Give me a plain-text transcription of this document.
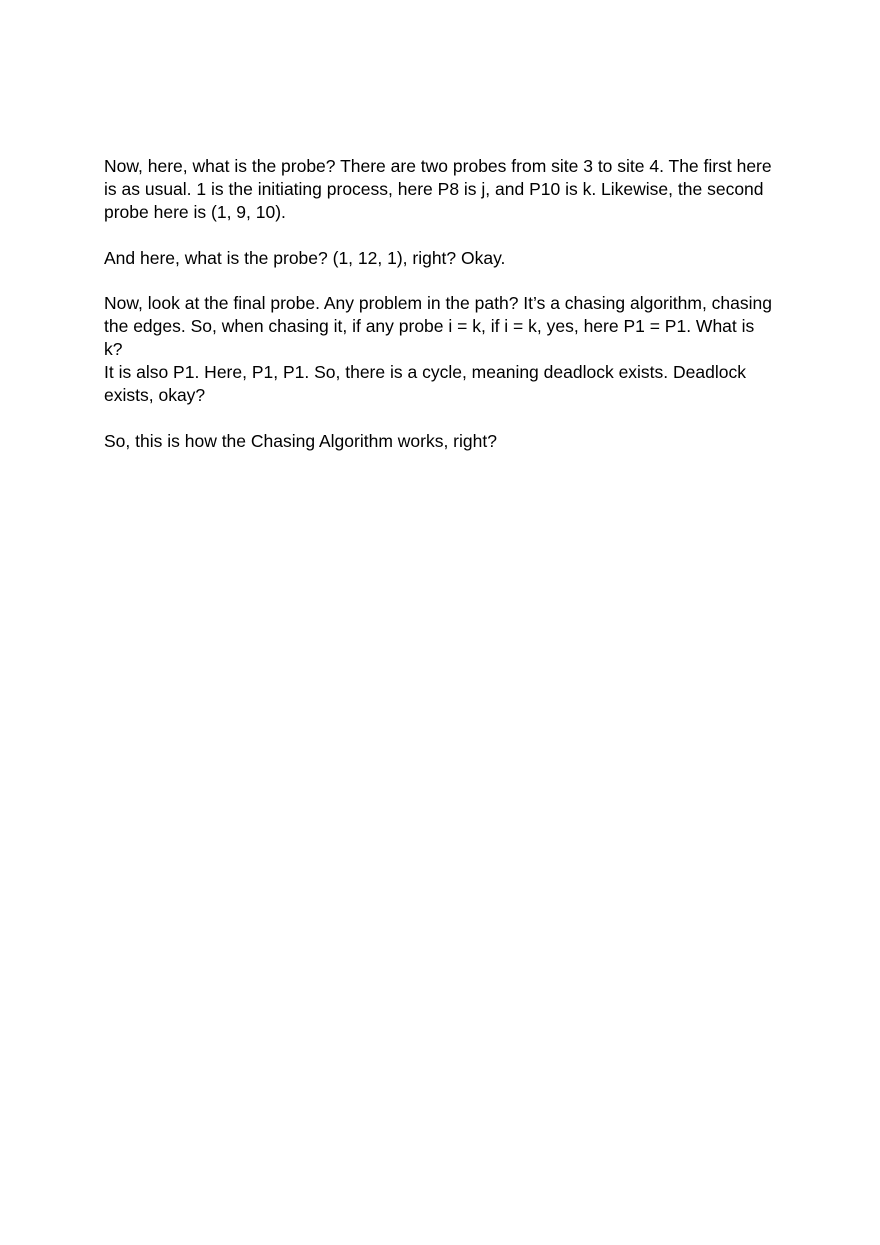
Now, here, what is the probe? There are two probes from site 3 to site 4. The first here
is as usual. 1 is the initiating process, here P8 is j, and P10 is k. Likewise, the second
probe here is (1, 9, 10).

And here, what is the probe? (1, 12, 1), right? Okay.

Now, look at the final probe. Any problem in the path? It’s a chasing algorithm, chasing
the edges. So, when chasing it, if any probe i = k, if i = k, yes, here P1 = P1. What is k?
It is also P1. Here, P1, P1. So, there is a cycle, meaning deadlock exists. Deadlock
exists, okay?

So, this is how the Chasing Algorithm works, right?
